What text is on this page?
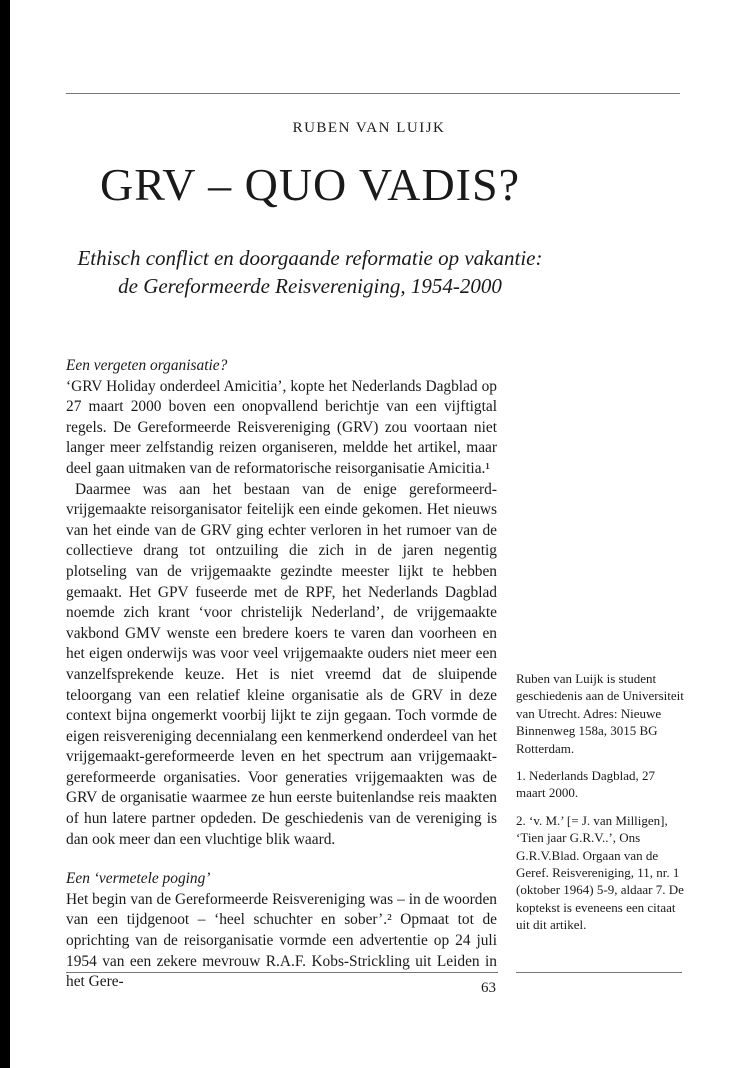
RUBEN VAN LUIJK
GRV – QUO VADIS?
Ethisch conflict en doorgaande reformatie op vakantie: de Gereformeerde Reisvereniging, 1954-2000
Een vergeten organisatie?

‘GRV Holiday onderdeel Amicitia’, kopte het Nederlands Dagblad op 27 maart 2000 boven een onopvallend berichtje van een vijftigtal regels. De Gereformeerde Reisvereniging (GRV) zou voortaan niet langer meer zelfstandig reizen organiseren, meldde het artikel, maar deel gaan uitmaken van de reformatorische reisorganisatie Amicitia.¹

Daarmee was aan het bestaan van de enige gereformeerd-vrijgemaakte reisorganisator feitelijk een einde gekomen. Het nieuws van het einde van de GRV ging echter verloren in het rumoer van de collectieve drang tot ontzuiling die zich in de jaren negentig plotseling van de vrijgemaakte gezindte meester lijkt te hebben gemaakt. Het GPV fuseerde met de RPF, het Nederlands Dagblad noemde zich krant ‘voor christelijk Nederland’, de vrijgemaakte vakbond GMV wenste een bredere koers te varen dan voorheen en het eigen onderwijs was voor veel vrijgemaakte ouders niet meer een vanzelfsprekende keuze. Het is niet vreemd dat de sluipende teloorgang van een relatief kleine organisatie als de GRV in deze context bijna ongemerkt voorbij lijkt te zijn gegaan. Toch vormde de eigen reisvereniging decennialang een kenmerkend onderdeel van het vrijgemaakt-gereformeerde leven en het spectrum aan vrijgemaakt-gereformeerde organisaties. Voor generaties vrijgemaakten was de GRV de organisatie waarmee ze hun eerste buitenlandse reis maakten of hun latere partner opdeden. De geschiedenis van de vereniging is dan ook meer dan een vluchtige blik waard.

Een ‘vermetele poging’

Het begin van de Gereformeerde Reisvereniging was – in de woorden van een tijdgenoot – ‘heel schuchter en sober’.² Opmaat tot de oprichting van de reisorganisatie vormde een advertentie op 24 juli 1954 van een zekere mevrouw R.A.F. Kobs-Strickling uit Leiden in het Gere-

Ruben van Luijk is student geschiedenis aan de Universiteit van Utrecht. Adres: Nieuwe Binnenweg 158a, 3015 BG Rotterdam.

1. Nederlands Dagblad, 27 maart 2000.

2. ‘v. M.’ [= J. van Milligen], ‘Tien jaar G.R.V..’, Ons G.R.V.Blad. Orgaan van de Geref. Reisvereniging, 11, nr. 1 (oktober 1964) 5-9, aldaar 7. De koptekst is eveneens een citaat uit dit artikel.

63
